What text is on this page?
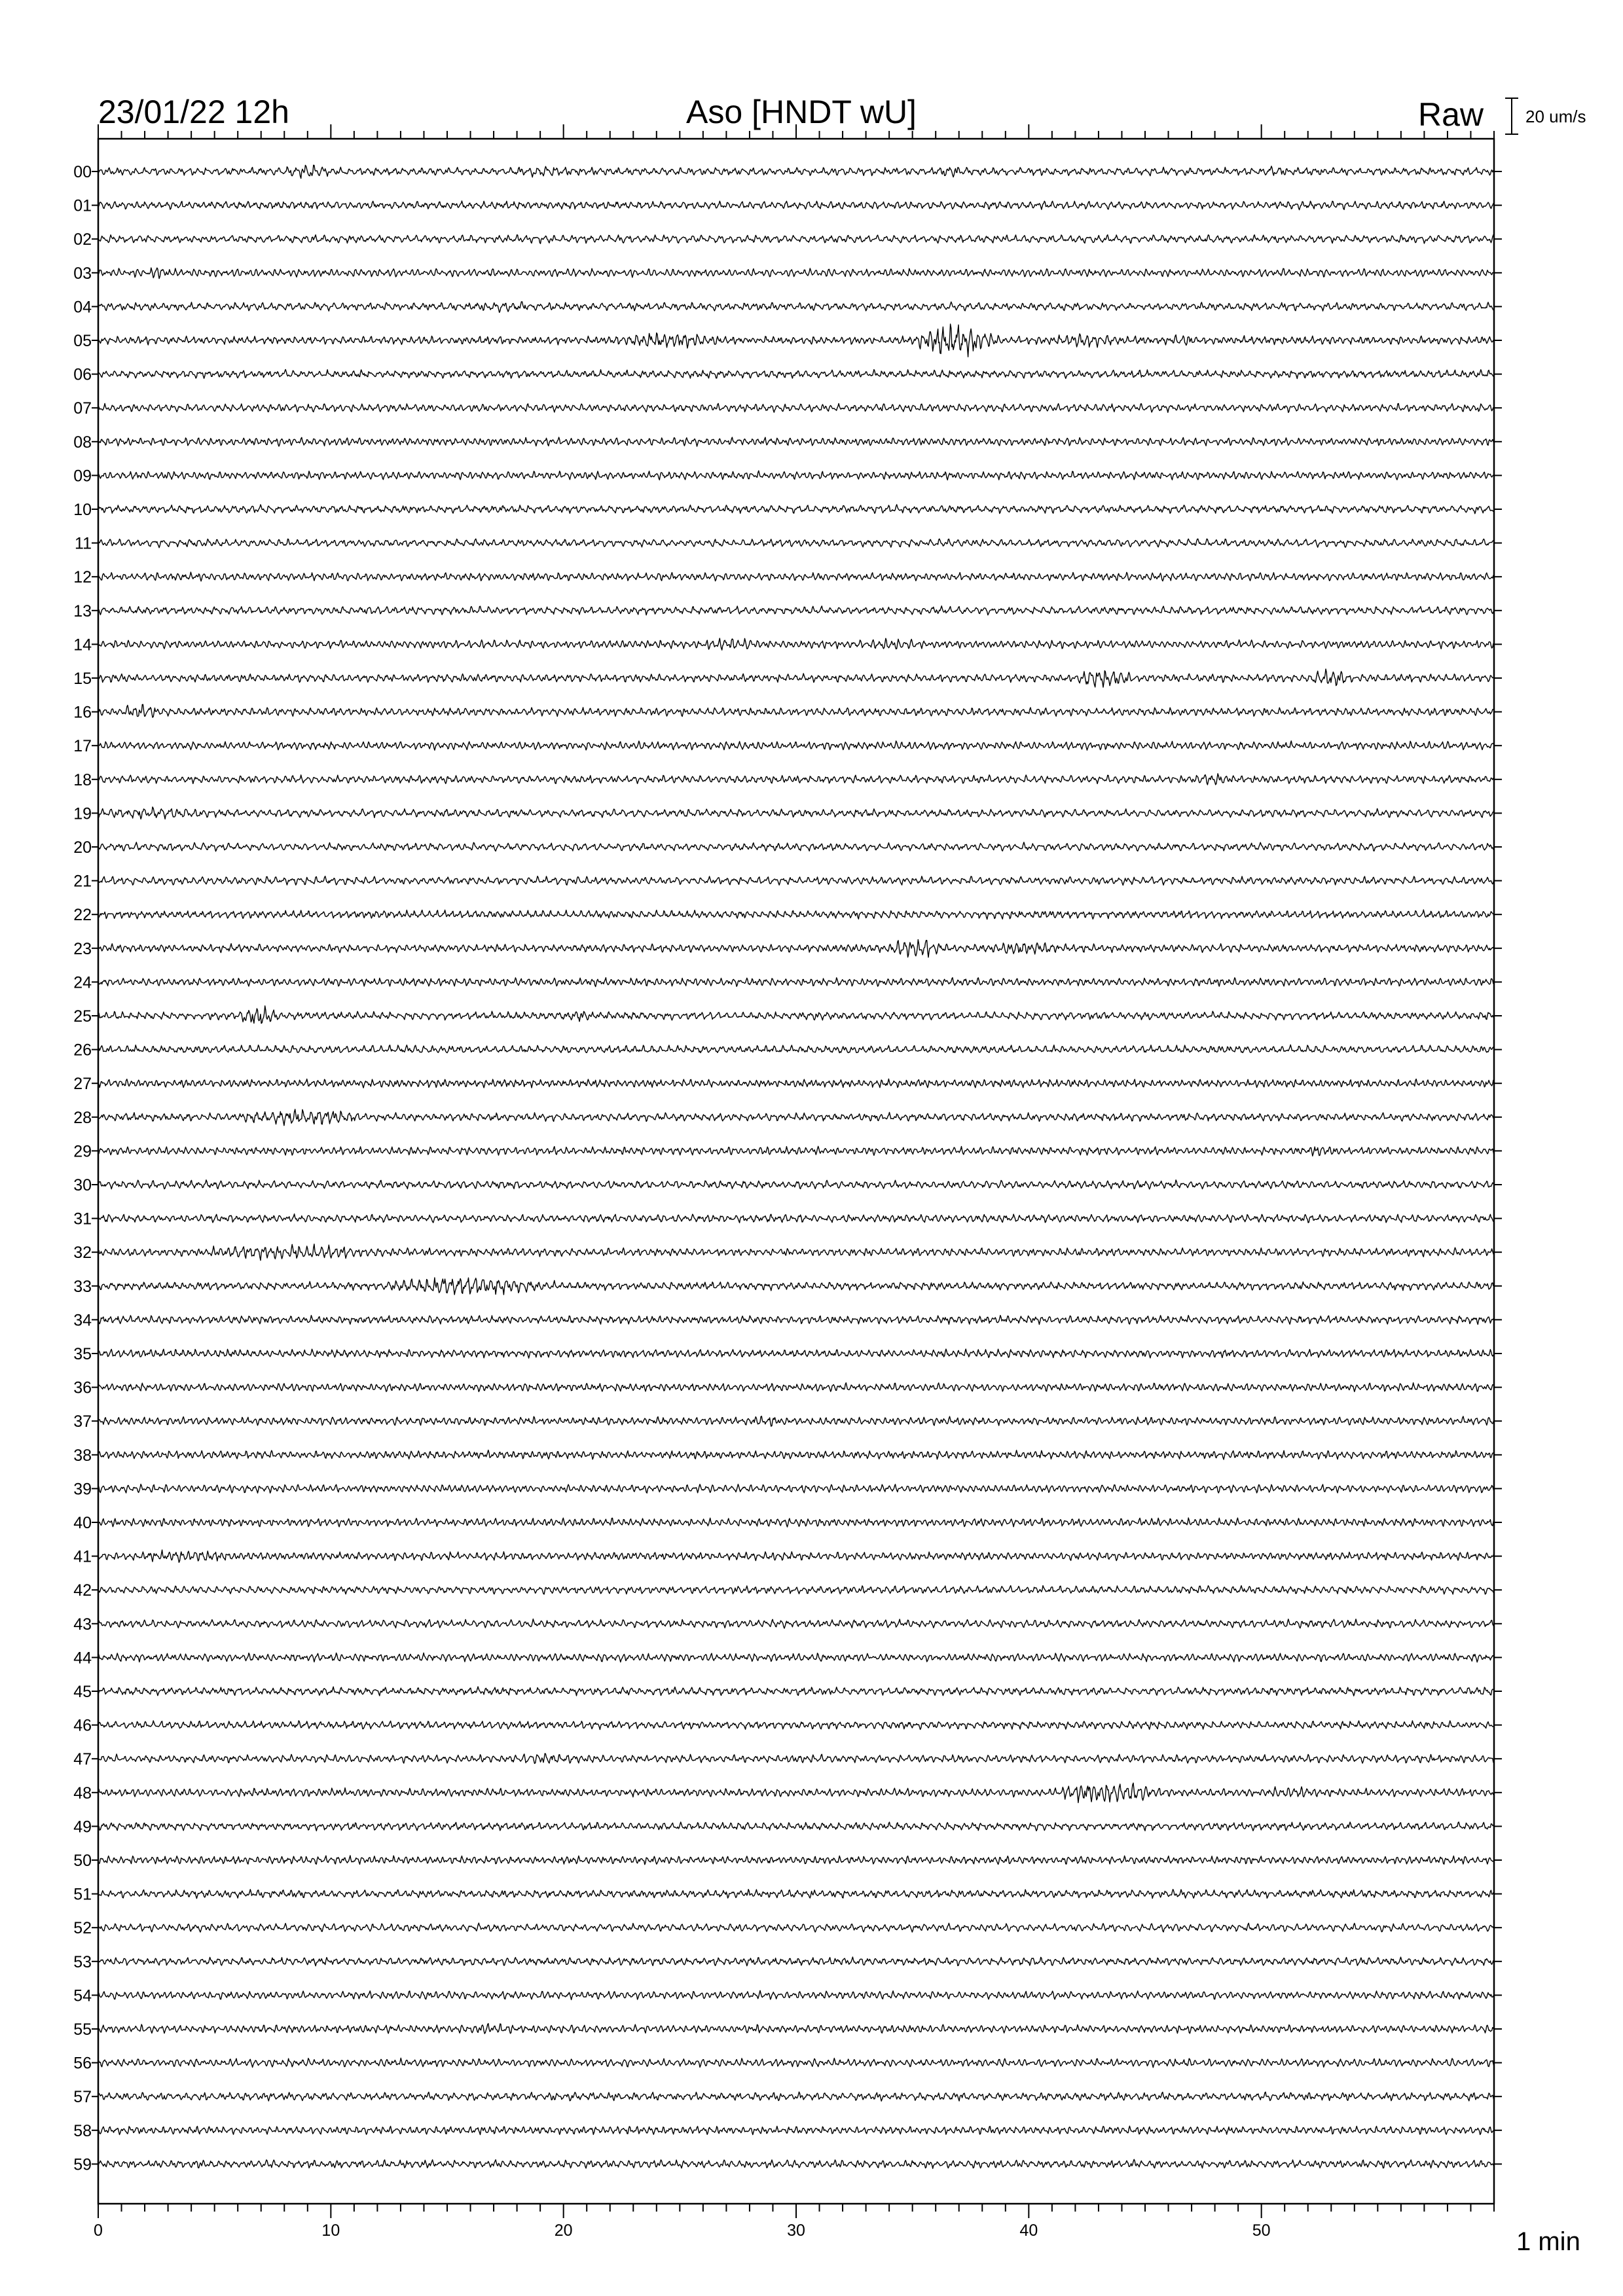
23/01/22 12h	Aso [HNDT wU]	Raw 20 um/s
00
01
02
03
04
05
06
07
08
09
10
11
12
13
14
15
16
17
18
19
20
21
22
23
24
25
26
27
28
29
30
31
32
33
34
35
36
37
38
39
40
41
42
43
44
45
46
47
48
49
50
51
52
53
54
55
56
57
58
59
0	10	20	30	40	50	1 min
